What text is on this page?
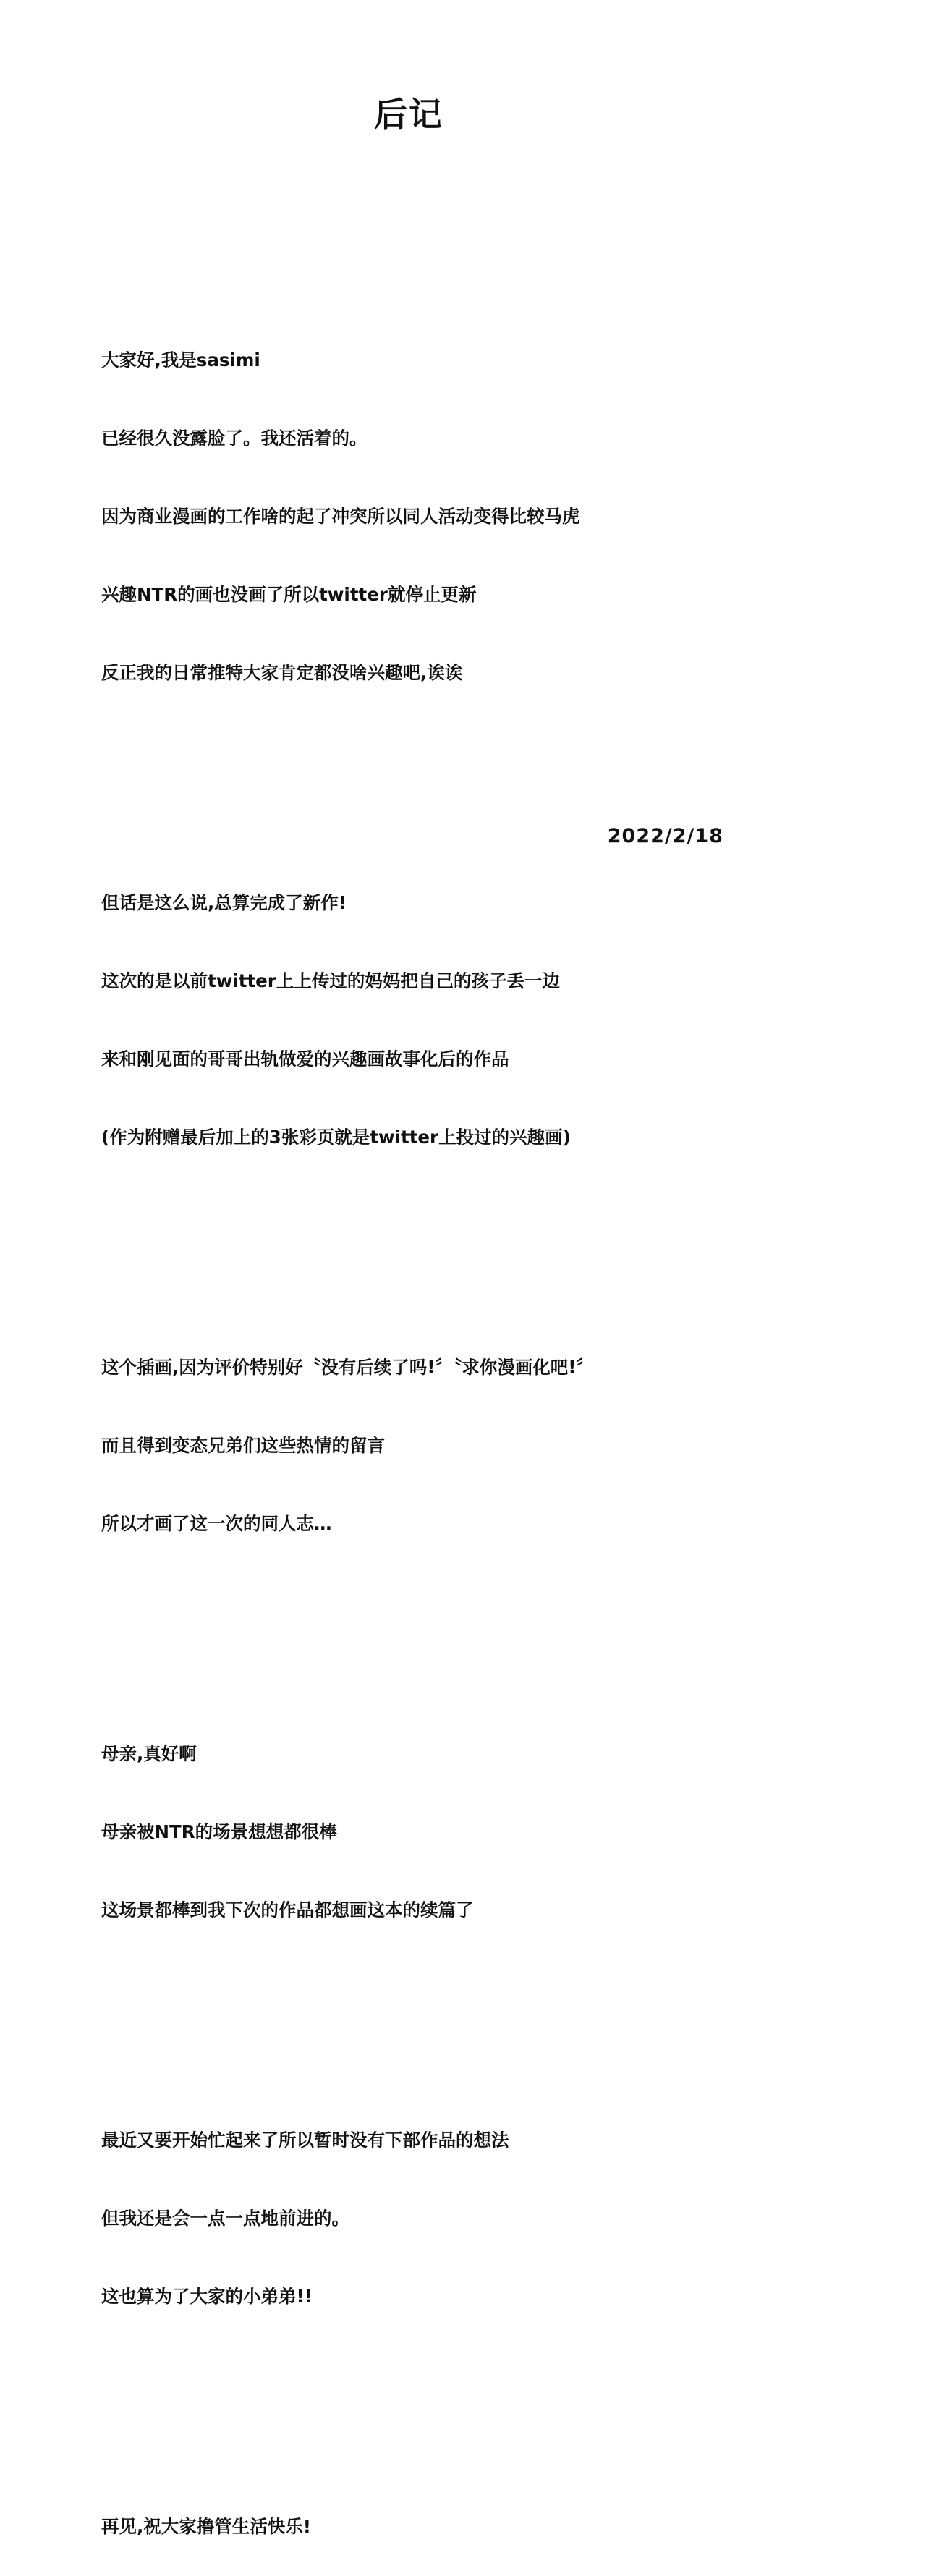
后记

大家好,我是sasimi

已经很久没露脸了。我还活着的。

因为商业漫画的工作啥的起了冲突所以同人活动变得比较马虎

兴趣NTR的画也没画了所以twitter就停止更新

反正我的日常推特大家肯定都没啥兴趣吧,诶诶

但话是这么说,总算完成了新作!

这次的是以前twitter上上传过的妈妈把自己的孩子丢一边

来和刚见面的哥哥出轨做爱的兴趣画故事化后的作品

(作为附赠最后加上的3张彩页就是twitter上投过的兴趣画)

这个插画,因为评价特别好〝没有后续了吗!〞〝求你漫画化吧!〞

而且得到变态兄弟们这些热情的留言

所以才画了这一次的同人志…

母亲,真好啊

母亲被NTR的场景想想都很棒

这场景都棒到我下次的作品都想画这本的续篇了

最近又要开始忙起来了所以暂时没有下部作品的想法

但我还是会一点一点地前进的。

这也算为了大家的小弟弟!!

再见,祝大家撸管生活快乐!

2022/2/18
